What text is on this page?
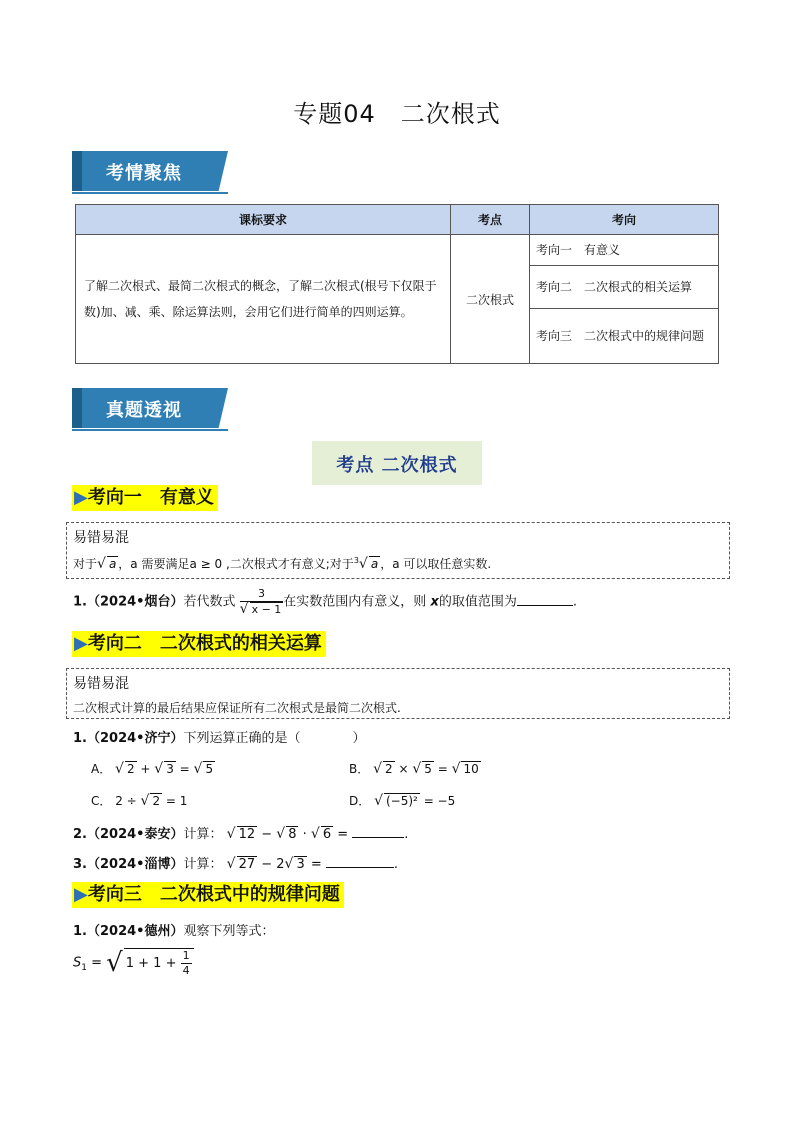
专题04　二次根式
考情聚焦
课标要求	考点	考向
了解二次根式、最简二次根式的概念，了解二次根式(根号下仅限于数)加、减、乘、除运算法则，会用它们进行简单的四则运算。	二次根式	考向一　有意义
		考向二　二次根式的相关运算
		考向三　二次根式中的规律问题
真题透视
考点 二次根式
▶考向一　有意义
易错易混
对于√ a ，a 需要满足a ≥ 0 ,二次根式才有意义;对于$^3$√ a ，a 可以取任意实数.
1.（2024•烟台）若代数式 $\frac{3}{√ x - 1}$ 在实数范围内有意义，则 x的取值范围为	.
▶考向二　二次根式的相关运算
易错易混
二次根式计算的最后结果应保证所有二次根式是最简二次根式.
1.（2024•济宁）下列运算正确的是（　　　　）
A． √ 2 + √ 3 = √ 5	B． √ 2 × √ 5 = √ 10
C． 2 ÷ √ 2 = 1	D． √ (−5)² = −5
2.（2024•泰安）计算： √ 12 − √ 8 · √ 6 =	.
3.（2024•淄博）计算： √ 27 − 2√ 3 =	.
▶考向三　二次根式中的规律问题
1.（2024•德州）观察下列等式：
$S_1$ = √ $1 + 1 + \frac{1}{4}$
